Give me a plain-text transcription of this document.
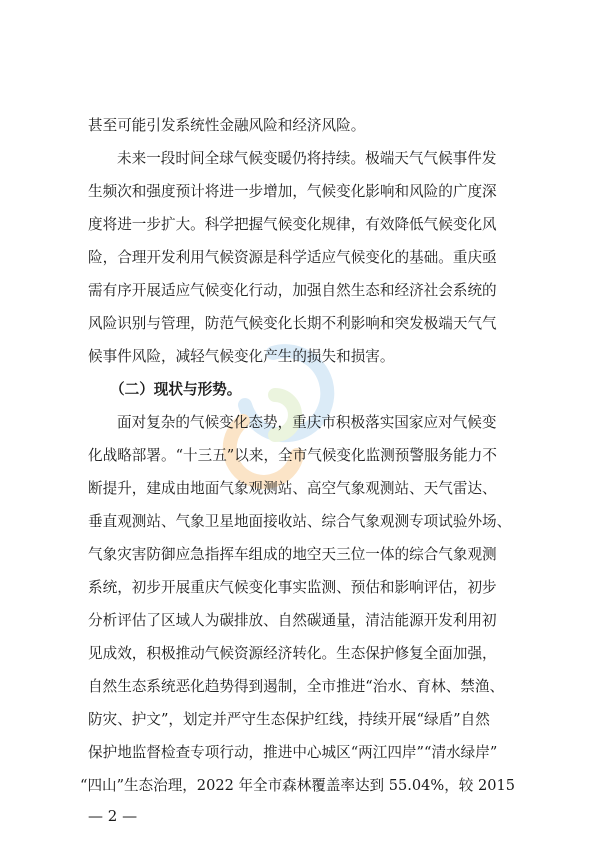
甚至可能引发系统性金融风险和经济风险。
未来一段时间全球气候变暖仍将持续。极端天气气候事件发
生频次和强度预计将进一步增加，气候变化影响和风险的广度深
度将进一步扩大。科学把握气候变化规律，有效降低气候变化风
险，合理开发利用气候资源是科学适应气候变化的基础。重庆亟
需有序开展适应气候变化行动，加强自然生态和经济社会系统的
风险识别与管理，防范气候变化长期不利影响和突发极端天气气
候事件风险，减轻气候变化产生的损失和损害。
（二）现状与形势。
面对复杂的气候变化态势，重庆市积极落实国家应对气候变
化战略部署。“十三五”以来，全市气候变化监测预警服务能力不
断提升，建成由地面气象观测站、高空气象观测站、天气雷达、
垂直观测站、气象卫星地面接收站、综合气象观测专项试验外场、
气象灾害防御应急指挥车组成的地空天三位一体的综合气象观测
系统，初步开展重庆气候变化事实监测、预估和影响评估，初步
分析评估了区域人为碳排放、自然碳通量，清洁能源开发利用初
见成效，积极推动气候资源经济转化。生态保护修复全面加强，
自然生态系统恶化趋势得到遏制，全市推进“治水、育林、禁渔、
防灾、护文”，划定并严守生态保护红线，持续开展“绿盾”自然
保护地监督检查专项行动，推进中心城区“两江四岸”“清水绿岸”
“四山”生态治理，2022 年全市森林覆盖率达到 55.04%，较 2015
— 2 —
